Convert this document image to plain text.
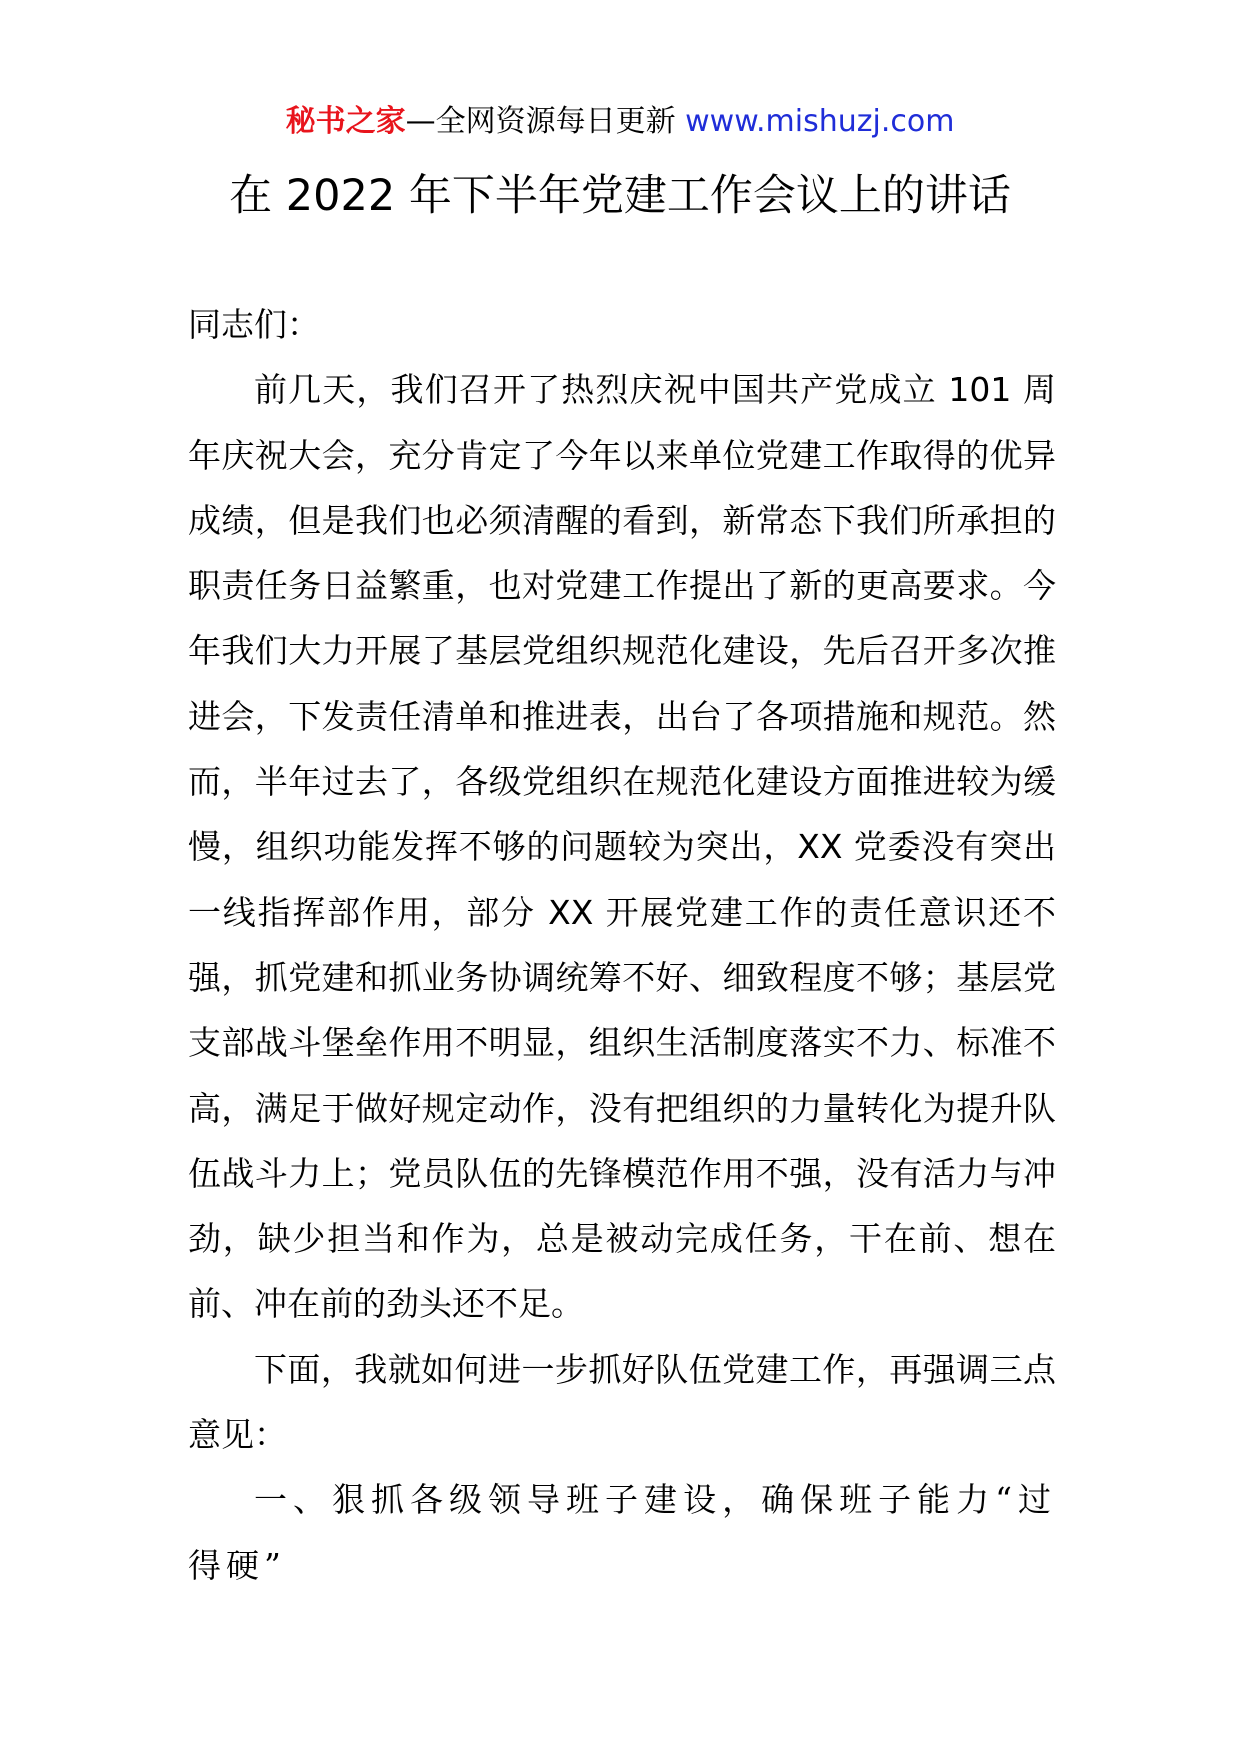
秘书之家—全网资源每日更新 www.mishuzj.com
在 2022 年下半年党建工作会议上的讲话

同志们：

前几天，我们召开了热烈庆祝中国共产党成立 101 周年庆祝大会，充分肯定了今年以来单位党建工作取得的优异成绩，但是我们也必须清醒的看到，新常态下我们所承担的职责任务日益繁重，也对党建工作提出了新的更高要求。今年我们大力开展了基层党组织规范化建设，先后召开多次推进会，下发责任清单和推进表，出台了各项措施和规范。然而，半年过去了，各级党组织在规范化建设方面推进较为缓慢，组织功能发挥不够的问题较为突出，XX 党委没有突出一线指挥部作用，部分 XX 开展党建工作的责任意识还不强，抓党建和抓业务协调统筹不好、细致程度不够；基层党支部战斗堡垒作用不明显，组织生活制度落实不力、标准不高，满足于做好规定动作，没有把组织的力量转化为提升队伍战斗力上；党员队伍的先锋模范作用不强，没有活力与冲劲，缺少担当和作为，总是被动完成任务，干在前、想在前、冲在前的劲头还不足。

下面，我就如何进一步抓好队伍党建工作，再强调三点意见：

一、狠抓各级领导班子建设，确保班子能力“过得硬”
